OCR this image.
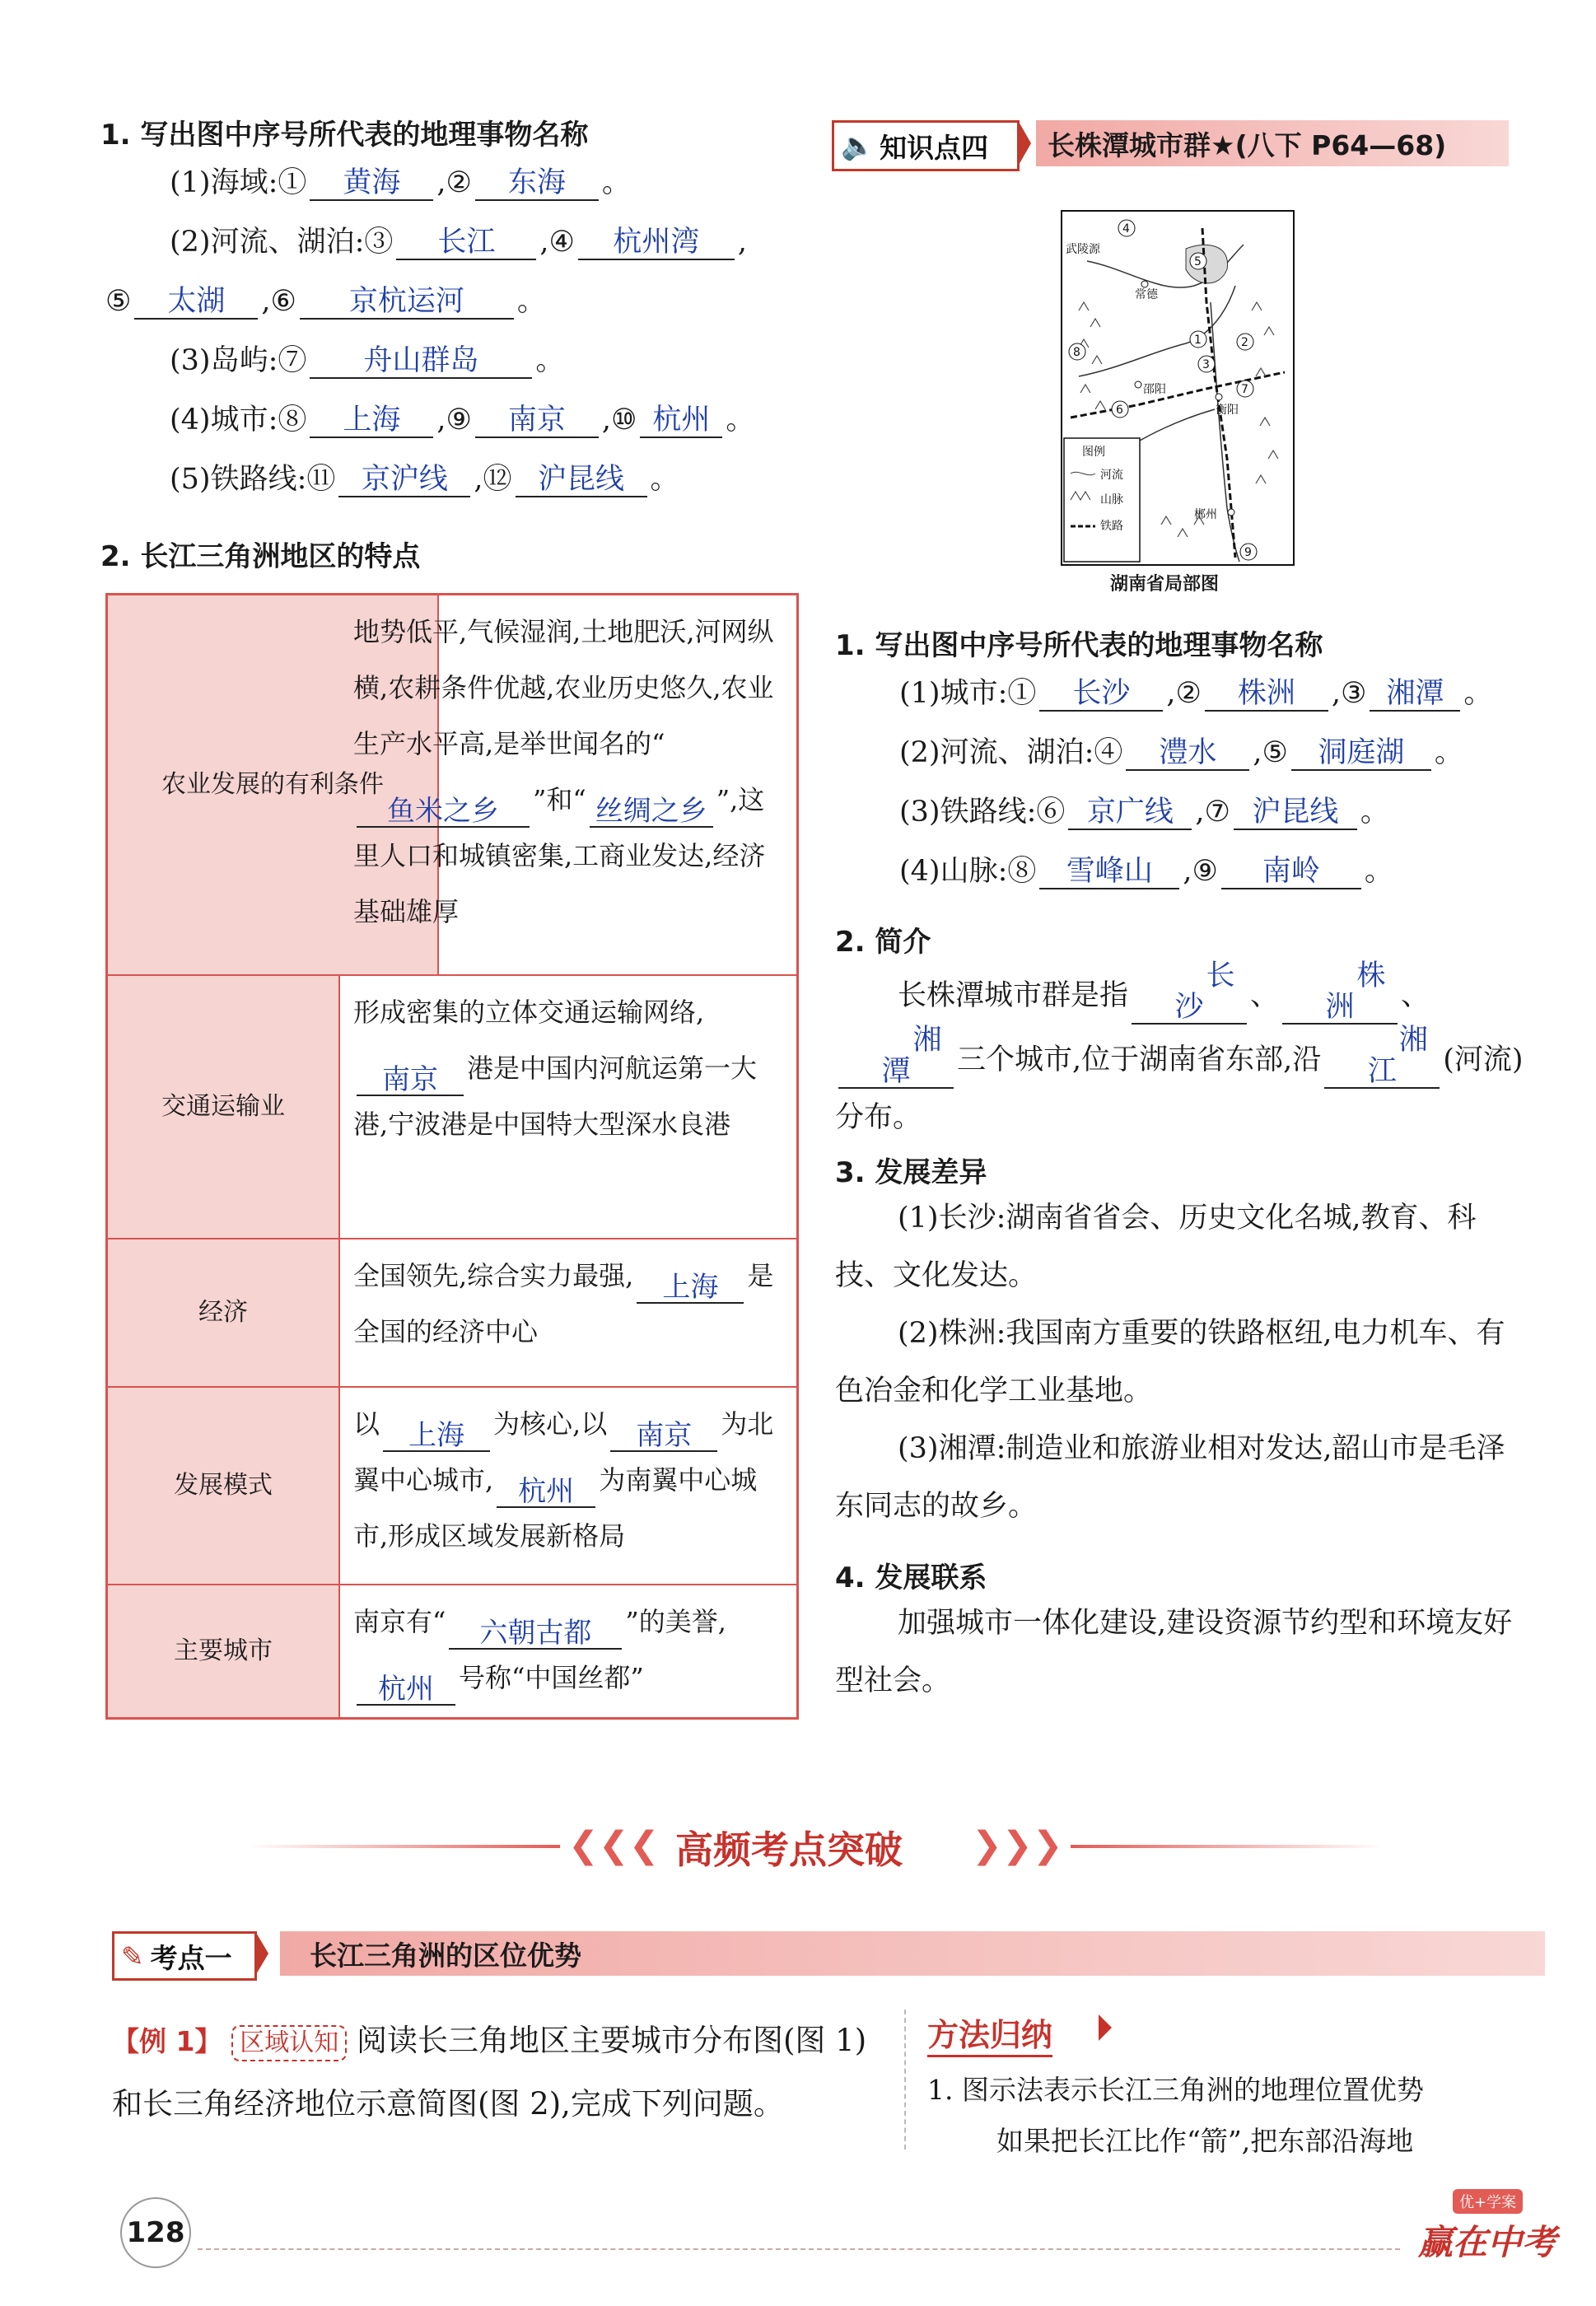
1. 写出图中序号所代表的地理事物名称
(1)海域:① 黄海 ,② 东海 。
(2)河流、湖泊:③ 长江 ,④ 杭州湾 ,
⑤ 太湖 ,⑥ 京杭运河 。
(3)岛屿:⑦ 舟山群岛 。
(4)城市:⑧ 上海 ,⑨ 南京 ,⑩ 杭州 。
(5)铁路线:⑪ 京沪线 ,⑫ 沪昆线 。
2. 长江三角洲地区的特点
农业发展的有利条件
地势低平,气候湿润,土地肥沃,河网纵横,农耕条件优越,农业历史悠久,农业生产水平高,是举世闻名的“鱼米之乡 ”和“ 丝绸之乡 ”,这里人口和城镇密集,工商业发达,经济基础雄厚
交通运输业
形成密集的立体交通运输网络,南京 港是中国内河航运第一大港,宁波港是中国特大型深水良港
经济
全国领先,综合实力最强, 上海 是全国的经济中心
发展模式
以 上海 为核心,以 南京 为北翼中心城市, 杭州 为南翼中心城市,形成区域发展新格局
主要城市
南京有“ 六朝古都 ”的美誉,杭州 号称“中国丝都”
🔈 知识点四	长株潭城市群★(八下 P64—68)
4
5
1	2
3
8
6
7
9
武陵源
常德
邵阳
衡阳
郴州
图例
河流
山脉
铁路
湖南省局部图
1. 写出图中序号所代表的地理事物名称
(1)城市:① 长沙 ,② 株洲 ,③ 湘潭 。
(2)河流、湖泊:④ 澧水 ,⑤ 洞庭湖 。
(3)铁路线:⑥ 京广线 ,⑦ 沪昆线 。
(4)山脉:⑧ 雪峰山 ,⑨ 南岭 。
2. 简介
长株潭城市群是指长沙 、株洲 、湘潭 三个城市,位于湖南省东部,沿湘江 (河流)分布。
3. 发展差异
(1)长沙:湖南省省会、历史文化名城,教育、科技、文化发达。
(2)株洲:我国南方重要的铁路枢纽,电力机车、有色冶金和化学工业基地。
(3)湘潭:制造业和旅游业相对发达,韶山市是毛泽东同志的故乡。
4. 发展联系
加强城市一体化建设,建设资源节约型和环境友好型社会。
❮❮❮ 高频考点突破 ❯❯❯
✎ 考点一	长江三角洲的区位优势
【例 1】 区域认知 阅读长三角地区主要城市分布图(图 1)和长三角经济地位示意简图(图 2),完成下列问题。
方法归纳
1. 图示法表示长江三角洲的地理位置优势
如果把长江比作“箭”,把东部沿海地
128
优+学案
赢在中考
